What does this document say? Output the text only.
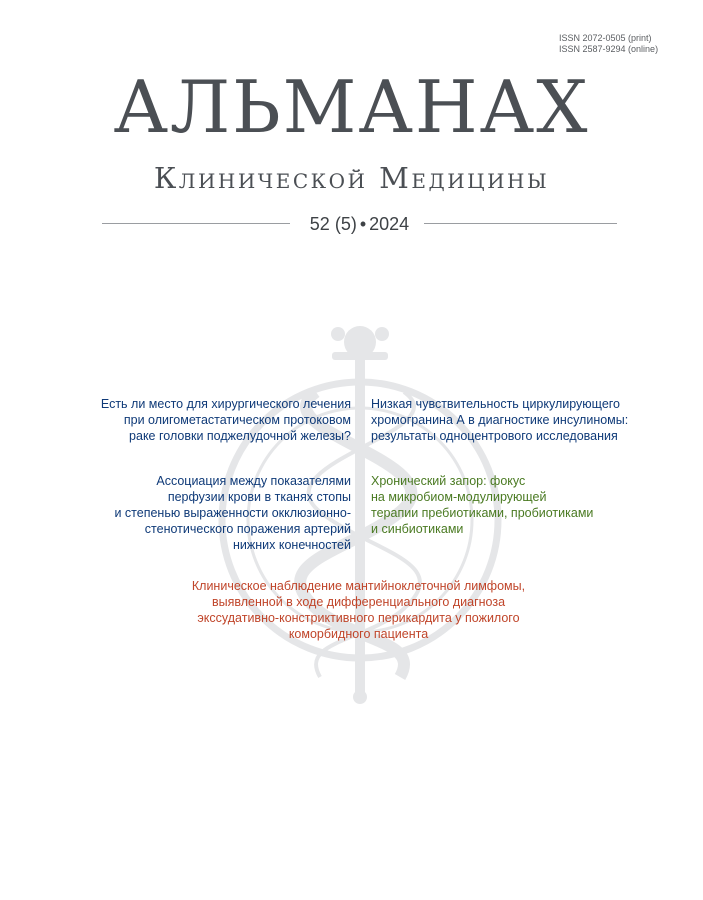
ISSN 2072-0505 (print)
ISSN 2587-9294 (online)
АЛЬМАНАХ
Клинической Медицины
52 (5) • 2024
Есть ли место для хирургического лечения
при олигометастатическом протоковом
раке головки поджелудочной железы?
Низкая чувствительность циркулирующего
хромогранина А в диагностике инсулиномы:
результаты одноцентрового исследования
Ассоциация между показателями
перфузии крови в тканях стопы
и степенью выраженности окклюзионно-
стенотического поражения артерий
нижних конечностей
Хронический запор: фокус
на микробиом-модулирующей
терапии пребиотиками, пробиотиками
и синбиотиками
Клиническое наблюдение мантийноклеточной лимфомы,
выявленной в ходе дифференциального диагноза
экссудативно-констриктивного перикардита у пожилого
коморбидного пациента
